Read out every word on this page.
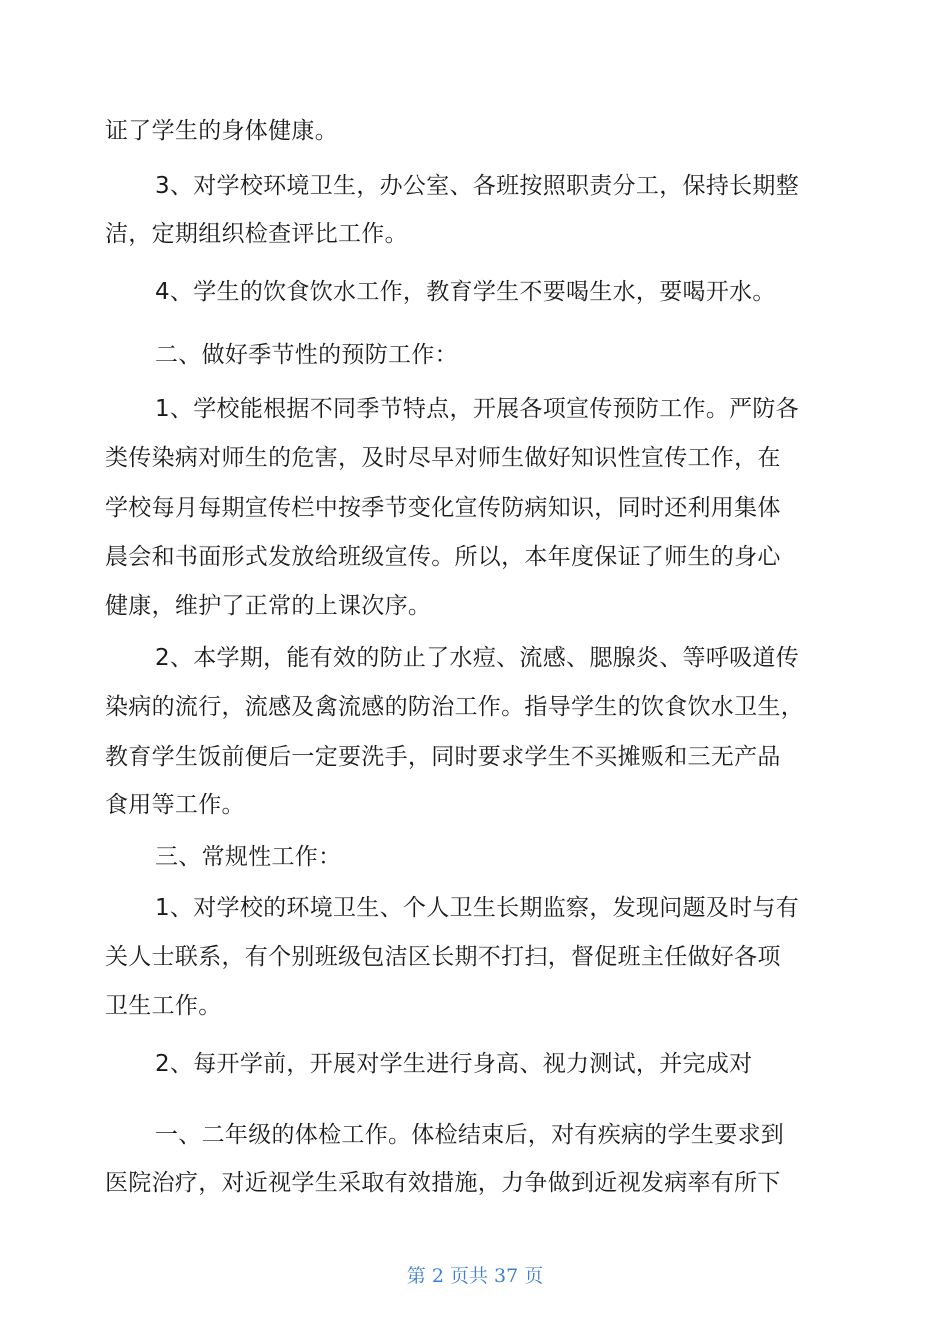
证了学生的身体健康。
3、对学校环境卫生，办公室、各班按照职责分工，保持长期整
洁，定期组织检查评比工作。
4、学生的饮食饮水工作，教育学生不要喝生水，要喝开水。
二、做好季节性的预防工作：
1、学校能根据不同季节特点，开展各项宣传预防工作。严防各
类传染病对师生的危害，及时尽早对师生做好知识性宣传工作，在
学校每月每期宣传栏中按季节变化宣传防病知识，同时还利用集体
晨会和书面形式发放给班级宣传。所以，本年度保证了师生的身心
健康，维护了正常的上课次序。
2、本学期，能有效的防止了水痘、流感、腮腺炎、等呼吸道传
染病的流行，流感及禽流感的防治工作。指导学生的饮食饮水卫生，
教育学生饭前便后一定要洗手，同时要求学生不买摊贩和三无产品
食用等工作。
三、常规性工作：
1、对学校的环境卫生、个人卫生长期监察，发现问题及时与有
关人士联系，有个别班级包洁区长期不打扫，督促班主任做好各项
卫生工作。
2、每开学前，开展对学生进行身高、视力测试，并完成对
一、二年级的体检工作。体检结束后，对有疾病的学生要求到
医院治疗，对近视学生采取有效措施，力争做到近视发病率有所下
第 2 页共 37 页
